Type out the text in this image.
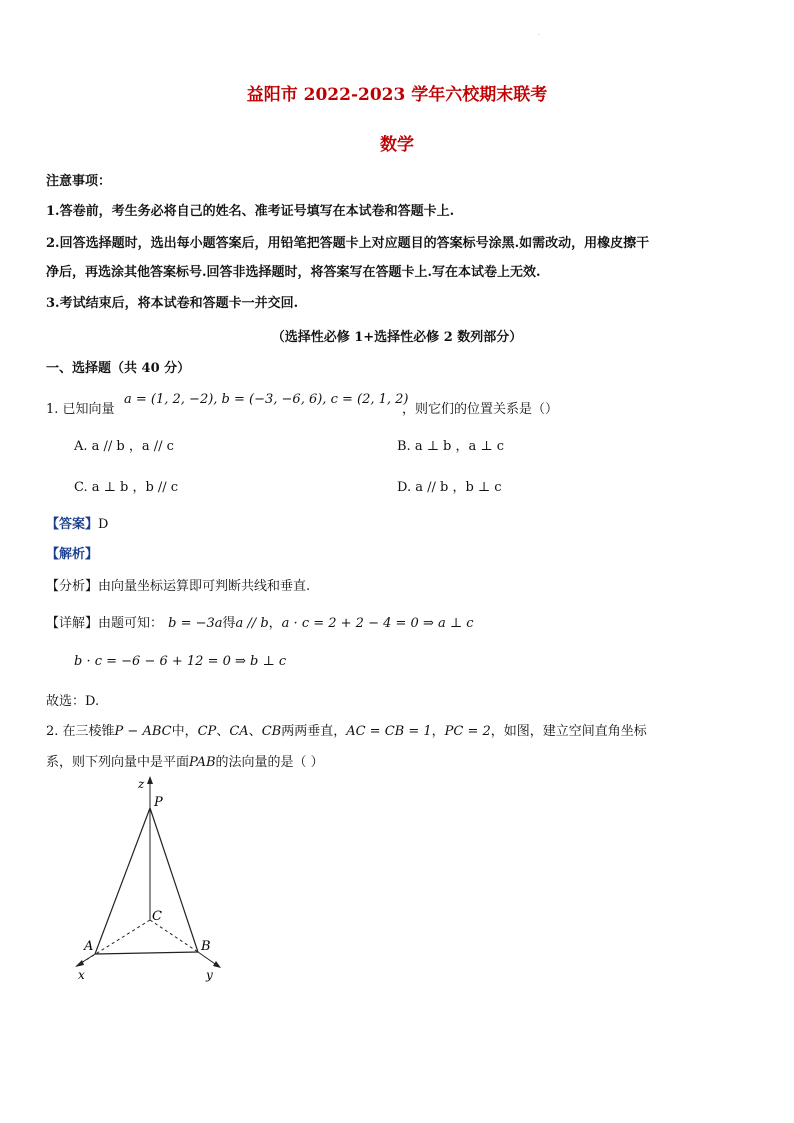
·
益阳市 2022-2023 学年六校期末联考
数学
注意事项：
1.答卷前，考生务必将自己的姓名、准考证号填写在本试卷和答题卡上.
2.回答选择题时，选出每小题答案后，用铅笔把答题卡上对应题目的答案标号涂黑.如需改动，用橡皮擦干
净后，再选涂其他答案标号.回答非选择题时，将答案写在答题卡上.写在本试卷上无效.
3.考试结束后，将本试卷和答题卡一并交回.
（选择性必修 1+选择性必修 2 数列部分）
一、选择题（共 40 分）
1. 已知向量
a = (1, 2, −2), b = (−3, −6, 6), c = (2, 1, 2)
，则它们的位置关系是（）
A. a // b ，a // c	B. a ⊥ b ，a ⊥ c
C. a ⊥ b ，b // c	D. a // b ，b ⊥ c
【答案】D
【解析】
【分析】由向量坐标运算即可判断共线和垂直.
【详解】由题可知： b = −3a得a // b，a · c = 2 + 2 − 4 = 0 ⇒ a ⊥ c
b · c = −6 − 6 + 12 = 0 ⇒ b ⊥ c
故选：D.
2. 在三棱锥P − ABC中，CP、CA、CB两两垂直，AC = CB = 1，PC = 2，如图，建立空间直角坐标
系，则下列向量中是平面PAB的法向量的是（ ）
z
P
C
A	B
x	y
